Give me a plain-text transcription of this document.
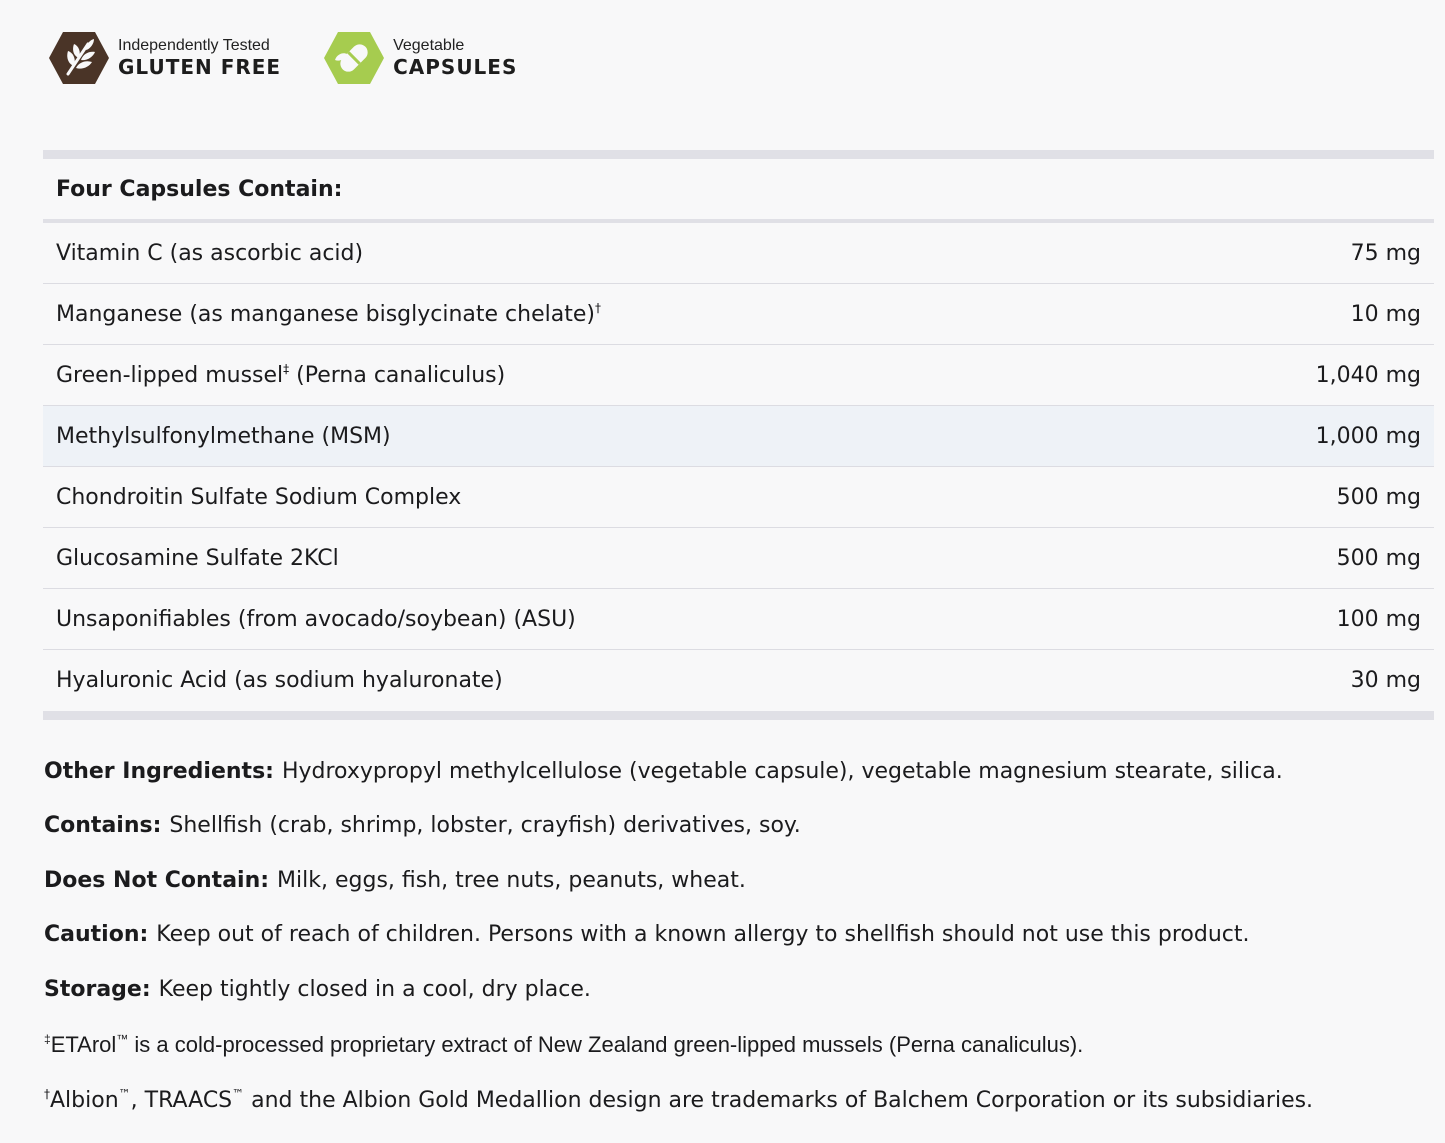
Independently Tested
GLUTEN FREE
Vegetable
CAPSULES
Four Capsules Contain:
Vitamin C (as ascorbic acid)	75 mg
Manganese (as manganese bisglycinate chelate)†	10 mg
Green-lipped mussel‡ (Perna canaliculus)	1,040 mg
Methylsulfonylmethane (MSM)	1,000 mg
Chondroitin Sulfate Sodium Complex	500 mg
Glucosamine Sulfate 2KCl	500 mg
Unsaponifiables (from avocado/soybean) (ASU)	100 mg
Hyaluronic Acid (as sodium hyaluronate)	30 mg
Other Ingredients: Hydroxypropyl methylcellulose (vegetable capsule), vegetable magnesium stearate, silica.
Contains: Shellfish (crab, shrimp, lobster, crayfish) derivatives, soy.
Does Not Contain: Milk, eggs, fish, tree nuts, peanuts, wheat.
Caution: Keep out of reach of children. Persons with a known allergy to shellfish should not use this product.
Storage: Keep tightly closed in a cool, dry place.
‡ETArol™ is a cold-processed proprietary extract of New Zealand green-lipped mussels (Perna canaliculus).
†Albion™, TRAACS™ and the Albion Gold Medallion design are trademarks of Balchem Corporation or its subsidiaries.
